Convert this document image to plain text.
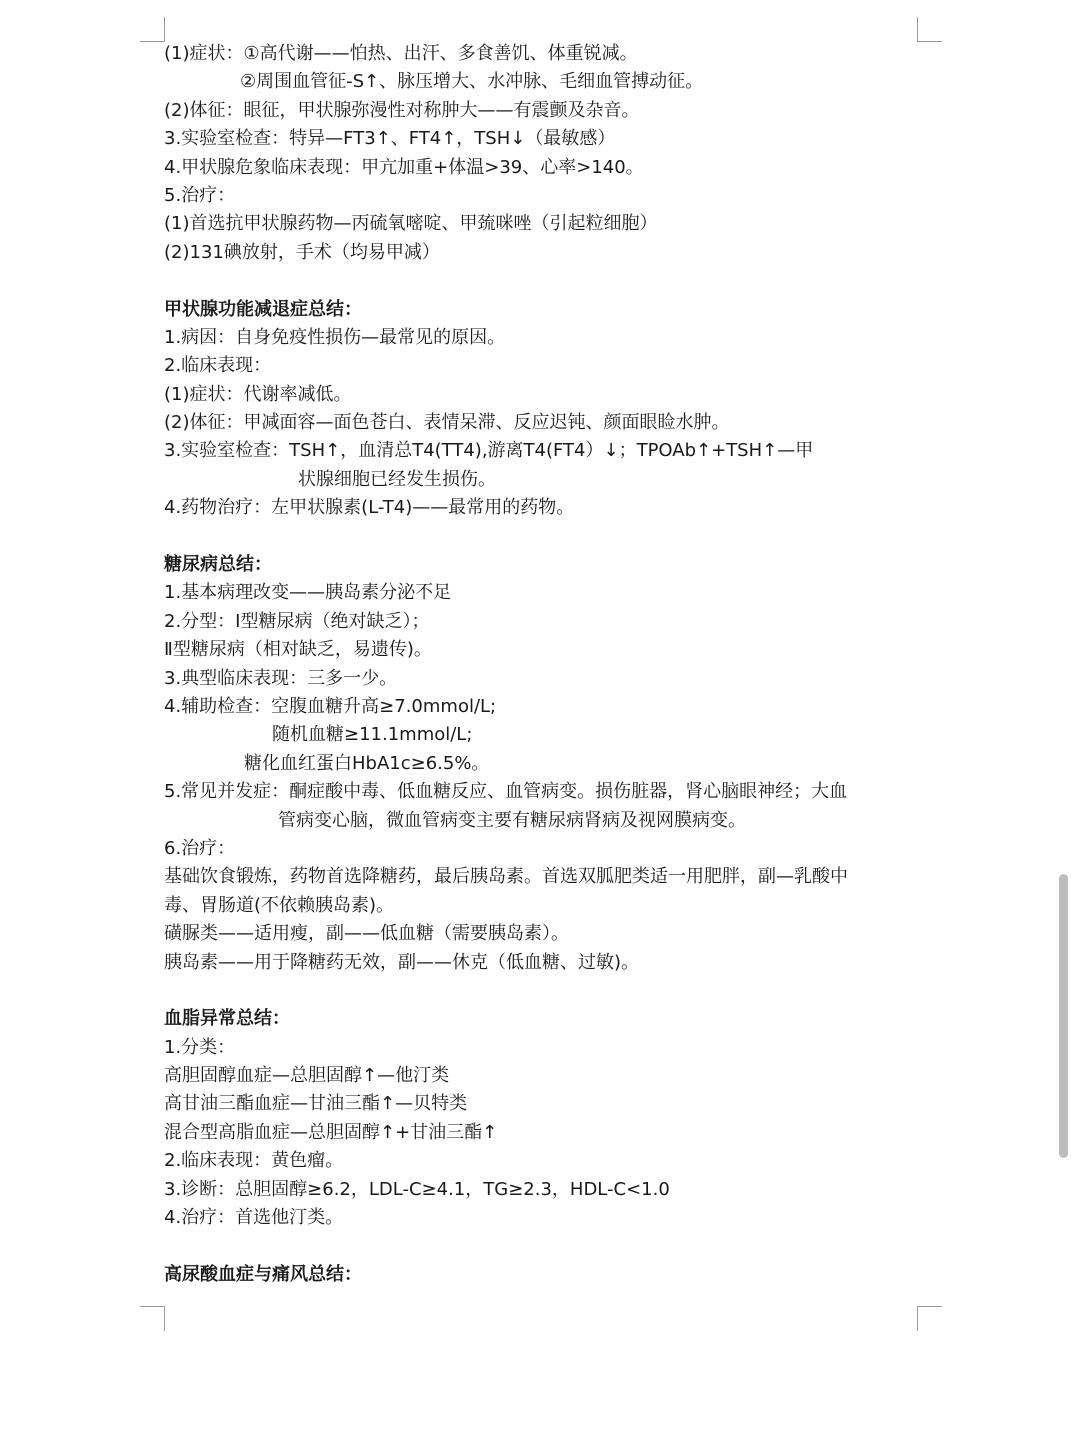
(1)症状：①高代谢——怕热、出汗、多食善饥、体重锐减。
②周围血管征-S↑、脉压增大、水冲脉、毛细血管搏动征。
(2)体征：眼征，甲状腺弥漫性对称肿大——有震颤及杂音。
3.实验室检查：特异—FT3↑、FT4↑，TSH↓（最敏感）
4.甲状腺危象临床表现：甲亢加重+体温>39、心率>140。
5.治疗：
(1)首选抗甲状腺药物—丙硫氧嘧啶、甲巯咪唑（引起粒细胞）
(2)131碘放射，手术（均易甲减）
甲状腺功能减退症总结：
1.病因：自身免疫性损伤—最常见的原因。
2.临床表现：
(1)症状：代谢率减低。
(2)体征：甲减面容—面色苍白、表情呆滞、反应迟钝、颜面眼睑水肿。
3.实验室检查：TSH↑，血清总T4(TT4),游离T4(FT4）↓；TPOAb↑+TSH↑—甲
状腺细胞已经发生损伤。
4.药物治疗：左甲状腺素(L-T4)——最常用的药物。
糖尿病总结：
1.基本病理改变——胰岛素分泌不足
2.分型：I型糖尿病（绝对缺乏）；
Ⅱ型糖尿病（相对缺乏，易遗传)。
3.典型临床表现：三多一少。
4.辅助检查：空腹血糖升高≥7.0mmol/L;
随机血糖≥11.1mmol/L;
糖化血红蛋白HbA1c≥6.5%。
5.常见并发症：酮症酸中毒、低血糖反应、血管病变。损伤脏器，肾心脑眼神经；大血
管病变心脑，微血管病变主要有糖尿病肾病及视网膜病变。
6.治疗：
基础饮食锻炼，药物首选降糖药，最后胰岛素。首选双胍肥类适一用肥胖，副—乳酸中
毒、胃肠道(不依赖胰岛素)。
磺脲类——适用瘦，副——低血糖（需要胰岛素）。
胰岛素——用于降糖药无效，副——休克（低血糖、过敏)。
血脂异常总结：
1.分类：
高胆固醇血症—总胆固醇↑—他汀类
高甘油三酯血症—甘油三酯↑—贝特类
混合型高脂血症—总胆固醇↑+甘油三酯↑
2.临床表现：黄色瘤。
3.诊断：总胆固醇≥6.2，LDL-C≥4.1，TG≥2.3，HDL-C<1.0
4.治疗：首选他汀类。
高尿酸血症与痛风总结：
